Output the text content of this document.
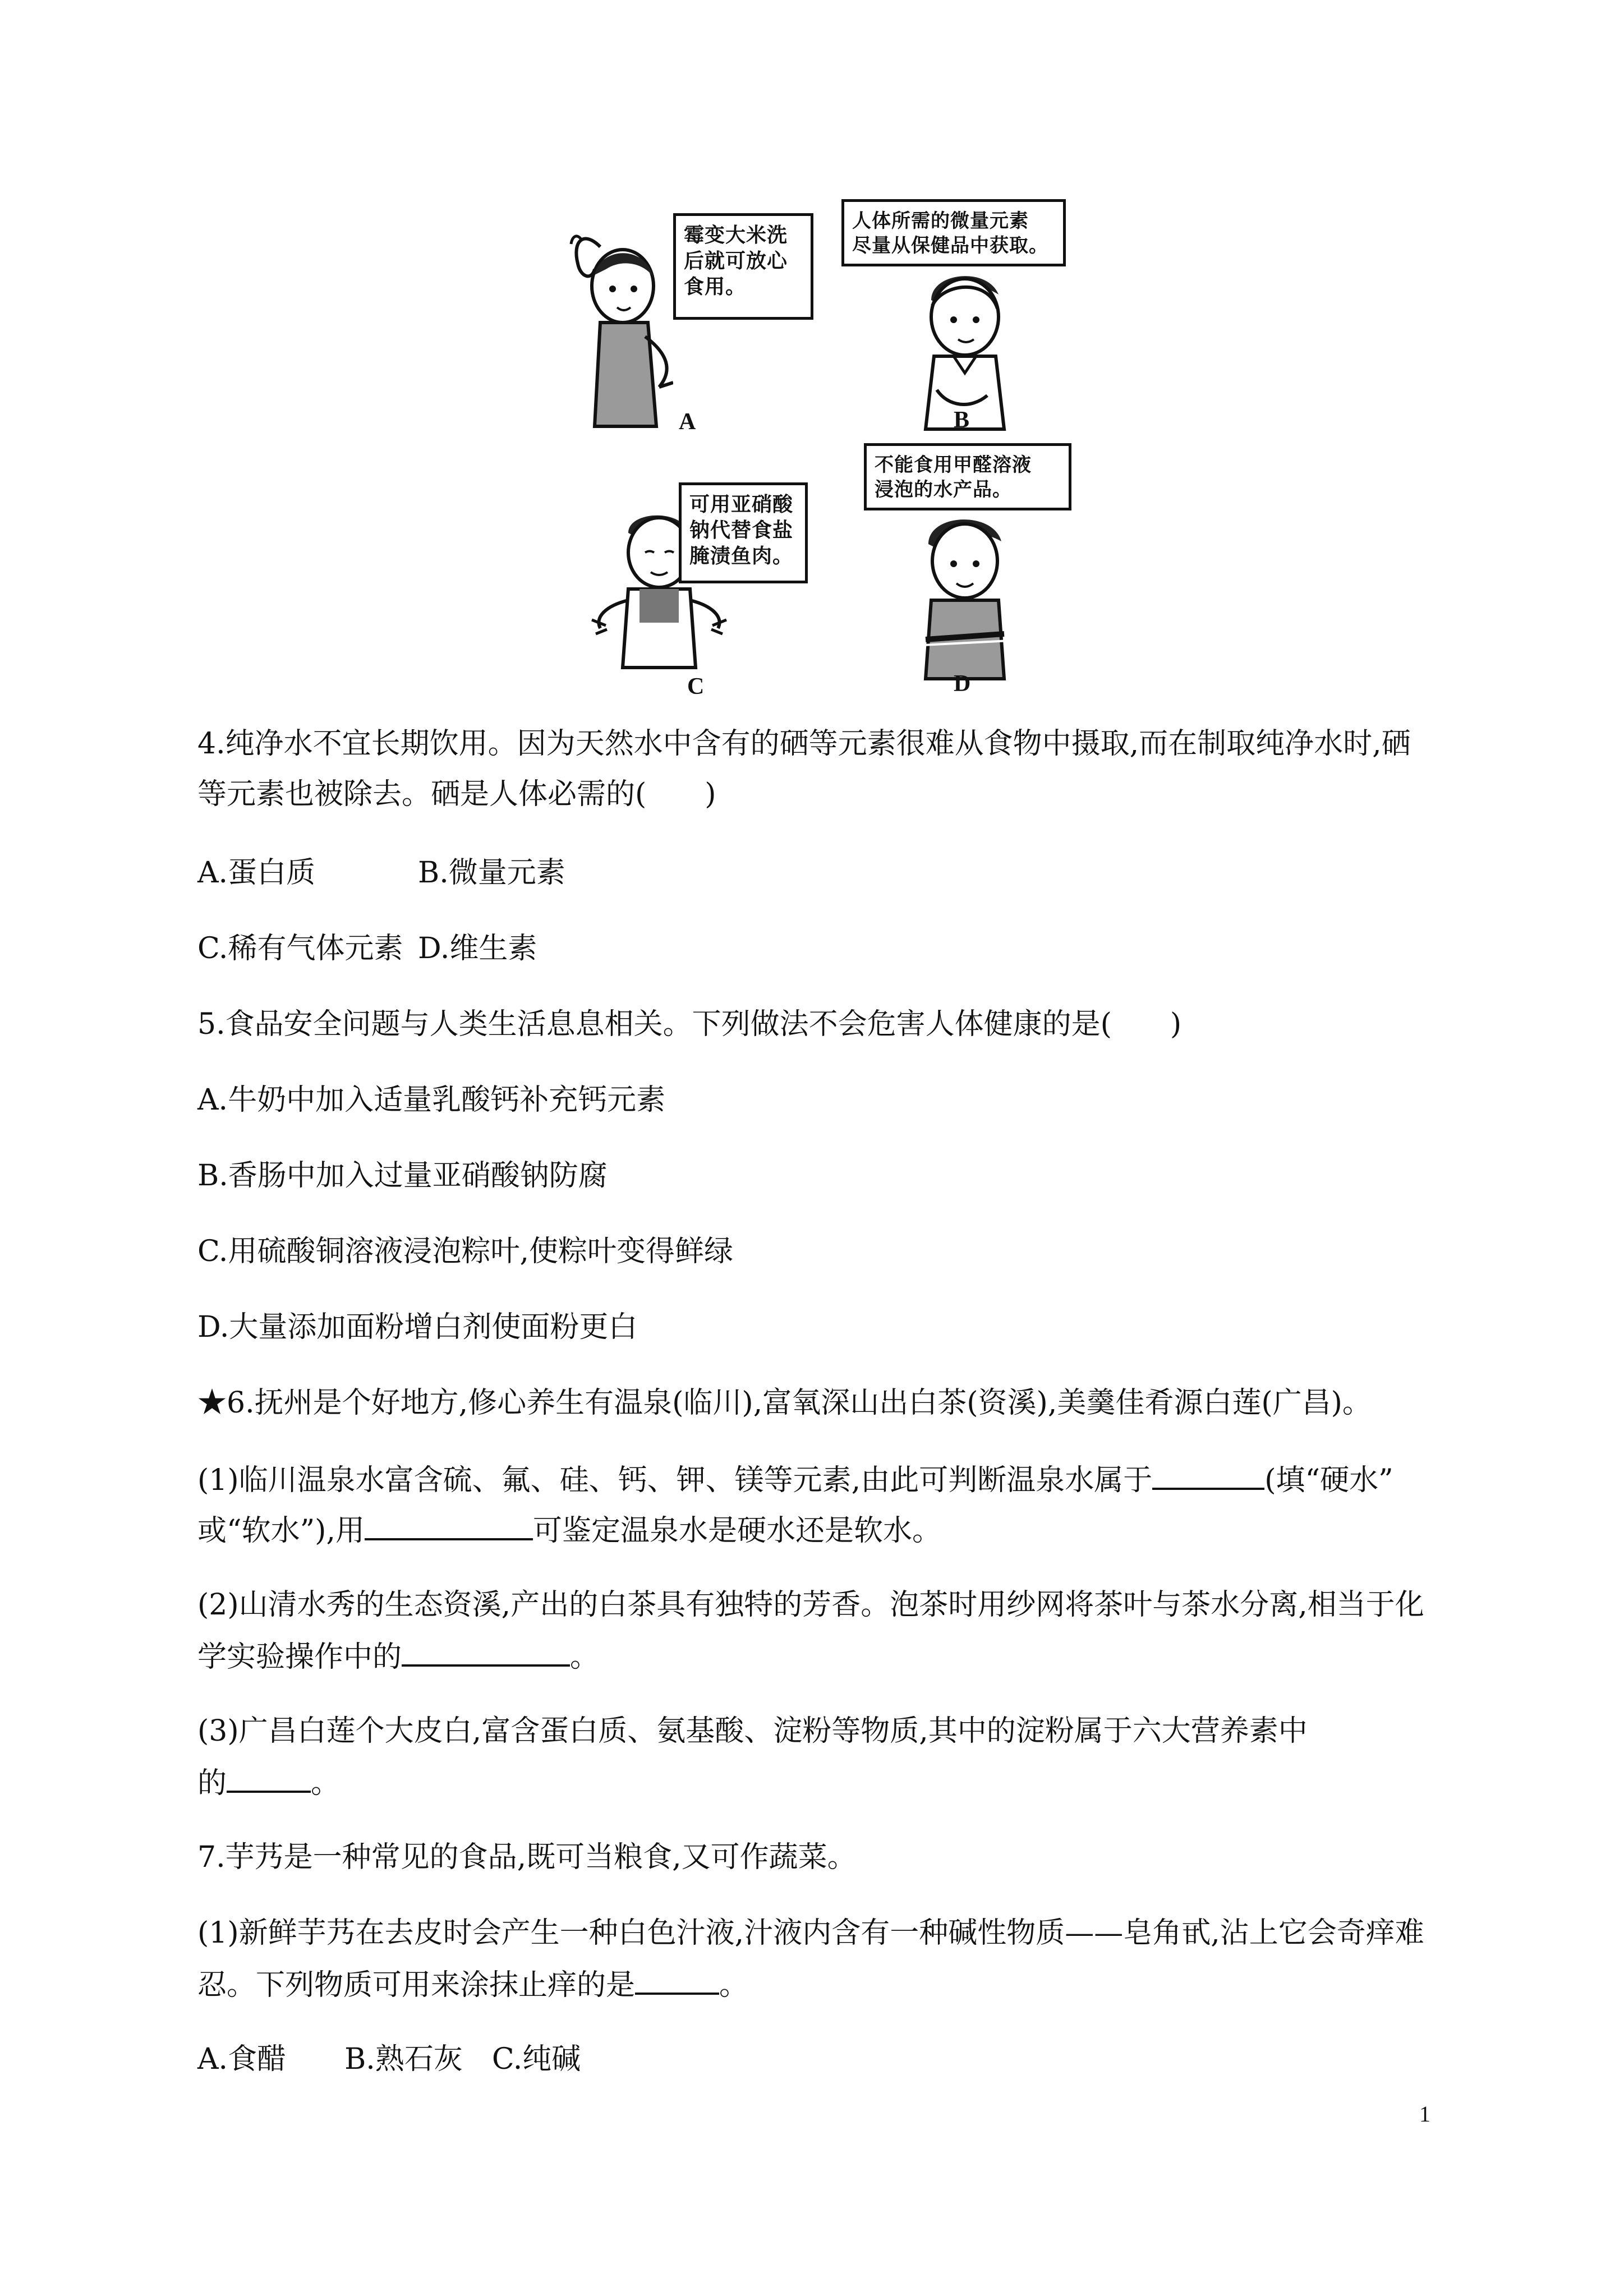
霉变大米洗
后就可放心
食用。
A
人体所需的微量元素
尽量从保健品中获取。
B
可用亚硝酸
钠代替食盐
腌渍鱼肉。
C
不能食用甲醛溶液
浸泡的水产品。
D
4.纯净水不宜长期饮用。因为天然水中含有的硒等元素很难从食物中摄取,而在制取纯净水时,硒
等元素也被除去。硒是人体必需的(　　)
A.蛋白质	B.微量元素
C.稀有气体元素 D.维生素
5.食品安全问题与人类生活息息相关。下列做法不会危害人体健康的是(　　)
A.牛奶中加入适量乳酸钙补充钙元素
B.香肠中加入过量亚硝酸钠防腐
C.用硫酸铜溶液浸泡粽叶,使粽叶变得鲜绿
D.大量添加面粉增白剂使面粉更白
★6.抚州是个好地方,修心养生有温泉(临川),富氧深山出白茶(资溪),美羹佳肴源白莲(广昌)。
(1)临川温泉水富含硫、氟、硅、钙、钾、镁等元素,由此可判断温泉水属于	(填“硬水”
或“软水”),用	可鉴定温泉水是硬水还是软水。
(2)山清水秀的生态资溪,产出的白茶具有独特的芳香。泡茶时用纱网将茶叶与茶水分离,相当于化
学实验操作中的	。
(3)广昌白莲个大皮白,富含蛋白质、氨基酸、淀粉等物质,其中的淀粉属于六大营养素中
的	。
7.芋艿是一种常见的食品,既可当粮食,又可作蔬菜。
(1)新鲜芋艿在去皮时会产生一种白色汁液,汁液内含有一种碱性物质——皂角甙,沾上它会奇痒难
忍。下列物质可用来涂抹止痒的是	。
A.食醋　　B.熟石灰　C.纯碱
1
